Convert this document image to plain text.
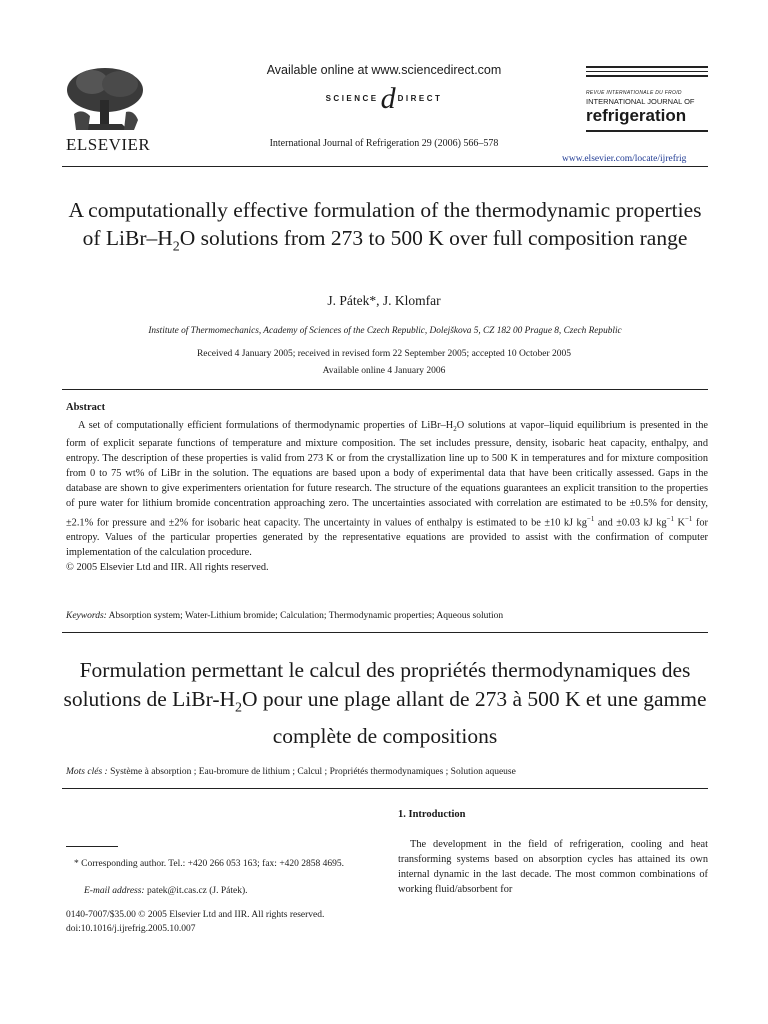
ELSEVIER
Available online at www.sciencedirect.com
SCIENCEd DIRECT
International Journal of Refrigeration 29 (2006) 566–578
REVUE INTERNATIONALE DU FROID
INTERNATIONAL JOURNAL OF
refrigeration
www.elsevier.com/locate/ijrefrig
A computationally effective formulation of the thermodynamic properties of LiBr–$H_2O$ solutions from 273 to 500 K over full composition range
J. Pátek*, J. Klomfar
Institute of Thermomechanics, Academy of Sciences of the Czech Republic, Dolejškova 5, CZ 182 00 Prague 8, Czech Republic
Received 4 January 2005; received in revised form 22 September 2005; accepted 10 October 2005
Available online 4 January 2006
Abstract

A set of computationally efficient formulations of thermodynamic properties of LiBr–$H_2O$ solutions at vapor–liquid equilibrium is presented in the form of explicit separate functions of temperature and mixture composition. The set includes pressure, density, isobaric heat capacity, enthalpy, and entropy. The description of these properties is valid from 273 K or from the crystallization line up to 500 K in temperatures and for mixture composition from 0 to 75 wt% of LiBr in the solution. The equations are based upon a body of experimental data that have been critically assessed. Gaps in the database are shown to give experimenters orientation for future research. The structure of the equations guarantees an explicit transition to the properties of pure water for lithium bromide concentration approaching zero. The uncertainties associated with correlation are estimated to be ±0.5% for density, ±2.1% for pressure and ±2% for isobaric heat capacity. The uncertainty in values of enthalpy is estimated to be ±10 kJ $kg^{-1}$ and ±0.03 kJ $kg^{-1}$ $K^{-1}$ for entropy. Values of the particular properties generated by the representative equations are provided to assist with the confirmation of computer implementation of the calculation procedure.
© 2005 Elsevier Ltd and IIR. All rights reserved.

Keywords: Absorption system; Water-Lithium bromide; Calculation; Thermodynamic properties; Aqueous solution
Formulation permettant le calcul des propriétés thermodynamiques des solutions de LiBr-$H_2O$ pour une plage allant de 273 à 500 K et une gamme complète de compositions
Mots clés : Système à absorption ; Eau-bromure de lithium ; Calcul ; Propriétés thermodynamiques ; Solution aqueuse
1. Introduction

The development in the field of refrigeration, cooling and heat transforming systems based on absorption cycles has attained its own internal dynamic in the last decade. The most common combinations of working fluid/absorbent for

* Corresponding author. Tel.: +420 266 053 163; fax: +420 2858 4695.

E-mail address: patek@it.cas.cz (J. Pátek).
0140-7007/$35.00 © 2005 Elsevier Ltd and IIR. All rights reserved.
doi:10.1016/j.ijrefrig.2005.10.007
